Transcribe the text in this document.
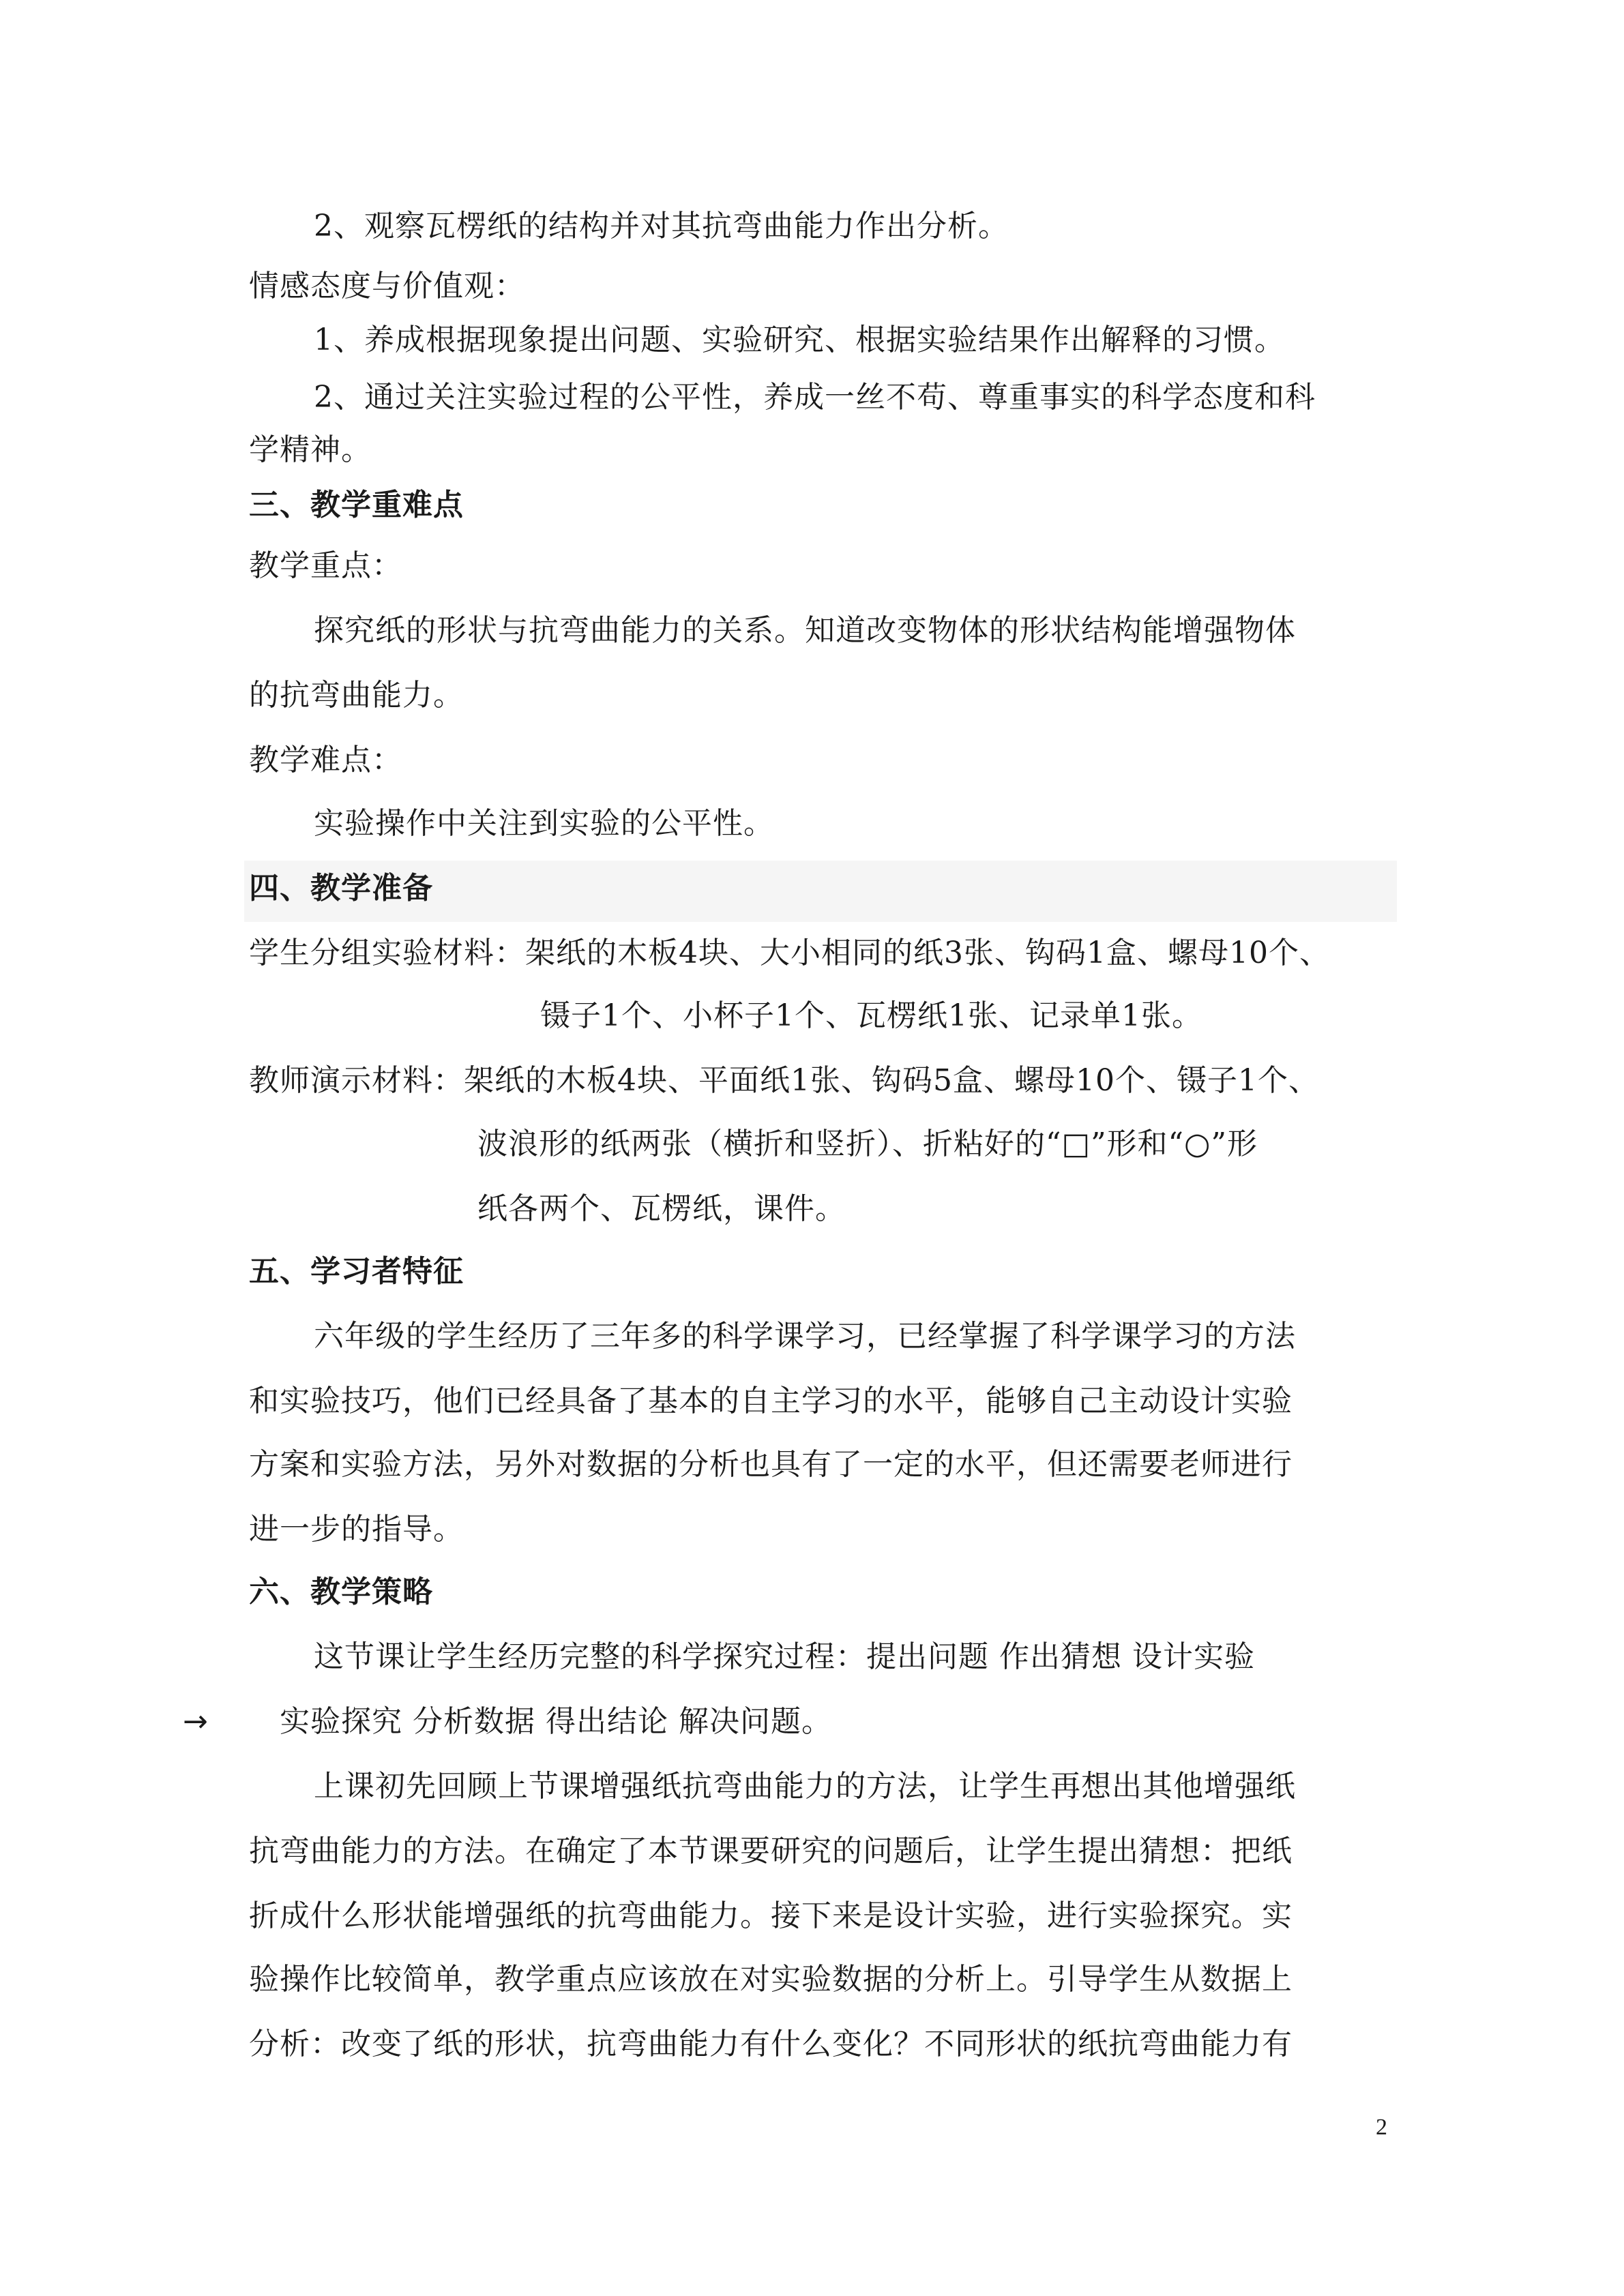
2、观察瓦楞纸的结构并对其抗弯曲能力作出分析。
情感态度与价值观：
1、养成根据现象提出问题、实验研究、根据实验结果作出解释的习惯。
2、通过关注实验过程的公平性，养成一丝不苟、尊重事实的科学态度和科
学精神。
三、教学重难点
教学重点：
探究纸的形状与抗弯曲能力的关系。知道改变物体的形状结构能增强物体
的抗弯曲能力。
教学难点：
实验操作中关注到实验的公平性。
四、教学准备
学生分组实验材料：架纸的木板4块、大小相同的纸3张、钩码1盒、螺母10个、
镊子1个、小杯子1个、瓦楞纸1张、记录单1张。
教师演示材料：架纸的木板4块、平面纸1张、钩码5盒、螺母10个、镊子1个、
波浪形的纸两张（横折和竖折）、折粘好的“□”形和“○”形
纸各两个、瓦楞纸，课件。
五、学习者特征
六年级的学生经历了三年多的科学课学习，已经掌握了科学课学习的方法
和实验技巧，他们已经具备了基本的自主学习的水平，能够自己主动设计实验
方案和实验方法，另外对数据的分析也具有了一定的水平，但还需要老师进行
进一步的指导。
六、教学策略
这节课让学生经历完整的科学探究过程：提出问题 作出猜想 设计实验
→ 实验探究 分析数据 得出结论 解决问题。
上课初先回顾上节课增强纸抗弯曲能力的方法，让学生再想出其他增强纸
抗弯曲能力的方法。在确定了本节课要研究的问题后，让学生提出猜想：把纸
折成什么形状能增强纸的抗弯曲能力。接下来是设计实验，进行实验探究。实
验操作比较简单，教学重点应该放在对实验数据的分析上。引导学生从数据上
分析：改变了纸的形状，抗弯曲能力有什么变化？不同形状的纸抗弯曲能力有
2
